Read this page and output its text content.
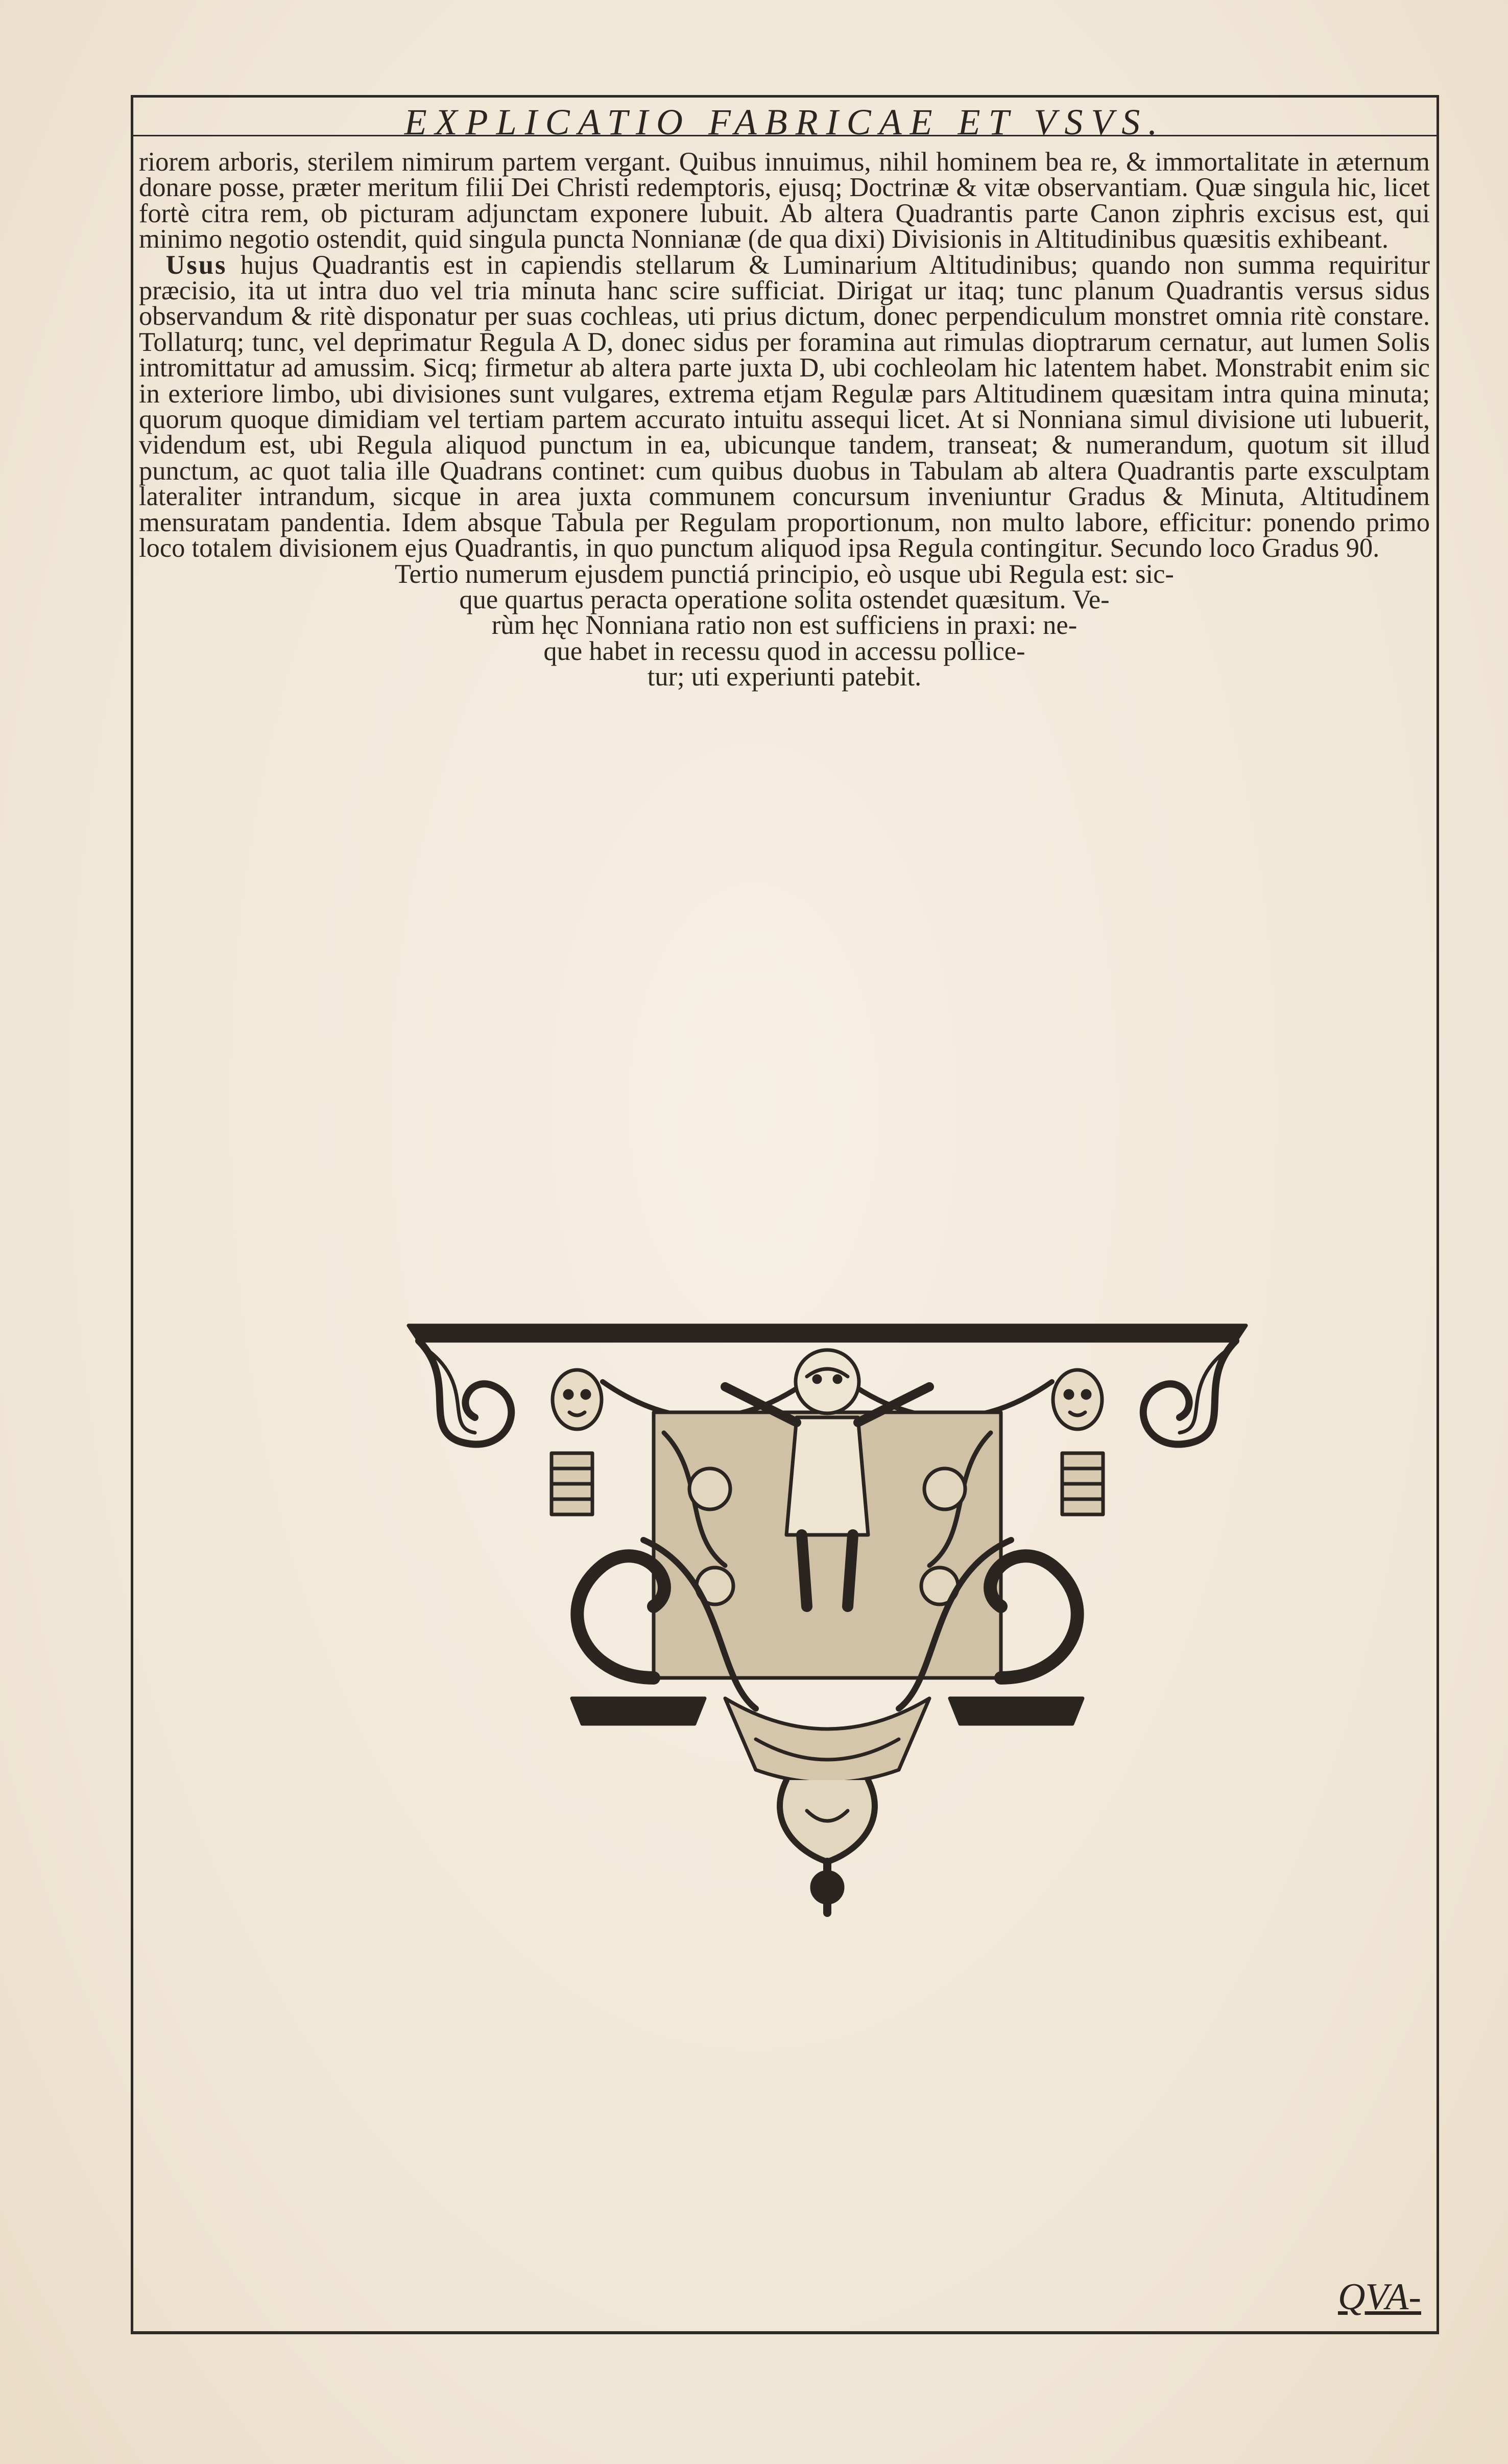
EXPLICATIO FABRICAE ET VSVS.

riorem arboris, sterilem nimirum partem vergant. Quibus innuimus, nihil hominem bea re, & immortalitate in æternum donare posse, præter meritum filii Dei Christi redemptoris, ejusq; Doctrinæ & vitæ observantiam. Quæ singula hic, licet fortè citra rem, ob picturam adjunctam exponere lubuit. Ab altera Quadrantis parte Canon ziphris excisus est, qui minimo negotio ostendit, quid singula puncta Nonnianæ (de qua dixi) Divisionis in Altitudinibus quæsitis exhibeant.

 Usus hujus Quadrantis est in capiendis stellarum & Luminarium Altitudinibus; quando non summa requiritur præcisio, ita ut intra duo vel tria minuta hanc scire sufficiat. Dirigat ur itaq; tunc planum Quadrantis versus sidus observandum & ritè disponatur per suas cochleas, uti prius dictum, donec perpendiculum monstret omnia ritè constare. Tollaturq; tunc, vel deprimatur Regula A D, donec sidus per foramina aut rimulas dioptrarum cernatur, aut lumen Solis intromittatur ad amussim. Sicq; firmetur ab altera parte juxta D, ubi cochleolam hic latentem habet. Monstrabit enim sic in exteriore limbo, ubi divisiones sunt vulgares, extrema etjam Regulæ pars Altitudinem quæsitam intra quina minuta; quorum quoque dimidiam vel tertiam partem accurato intuitu assequi licet. At si Nonniana simul divisione uti lubuerit, videndum est, ubi Regula aliquod punctum in ea, ubicunque tandem, transeat; & numerandum, quotum sit illud punctum, ac quot talia ille Quadrans continet: cum quibus duobus in Tabulam ab altera Quadrantis parte exsculptam lateraliter intrandum, sicque in area juxta communem concursum inveniuntur Gradus & Minuta, Altitudinem mensuratam pandentia. Idem absque Tabula per Regulam proportionum, non multo labore, efficitur: ponendo primo loco totalem divisionem ejus Quadrantis, in quo punctum aliquod ipsa Regula contingitur. Secundo loco Gradus 90.

Tertio numerum ejusdem punctiá principio, eò usque ubi Regula est: sic-

que quartus peracta operatione solita ostendet quæsitum. Ve-

rùm hęc Nonniana ratio non est sufficiens in praxi: ne-

que habet in recessu quod in accessu pollice-

tur; uti experiunti patebit.

QVA-
